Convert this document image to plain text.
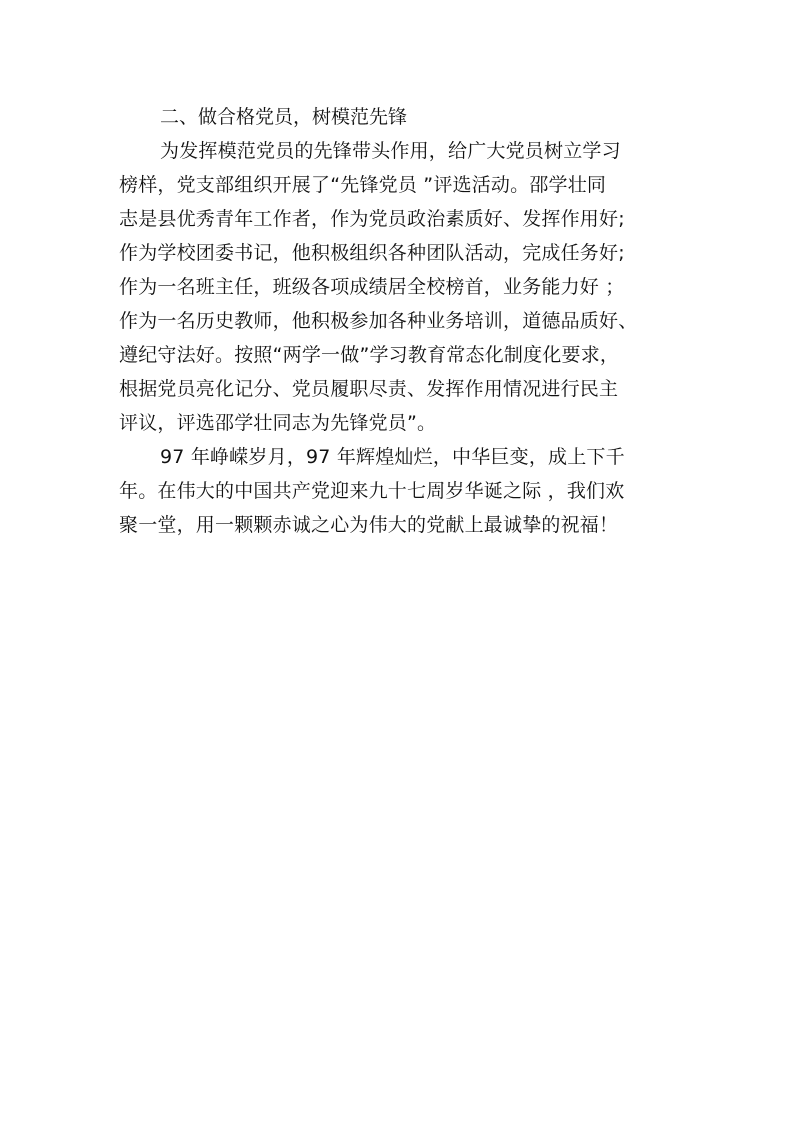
二、做合格党员，树模范先锋

为发挥模范党员的先锋带头作用，给广大党员树立学习
榜样，党支部组织开展了“先锋党员 ”评选活动。邵学壮同
志是县优秀青年工作者，作为党员政治素质好、发挥作用好;
作为学校团委书记，他积极组织各种团队活动，完成任务好;
作为一名班主任，班级各项成绩居全校榜首，业务能力好 ；
作为一名历史教师，他积极参加各种业务培训，道德品质好、
遵纪守法好。按照“两学一做”学习教育常态化制度化要求，
根据党员亮化记分、党员履职尽责、发挥作用情况进行民主
评议，评选邵学壮同志为先锋党员”。

97 年峥嵘岁月，97 年辉煌灿烂，中华巨变，成上下千
年。在伟大的中国共产党迎来九十七周岁华诞之际 ，我们欢
聚一堂，用一颗颗赤诚之心为伟大的党献上最诚挚的祝福！
